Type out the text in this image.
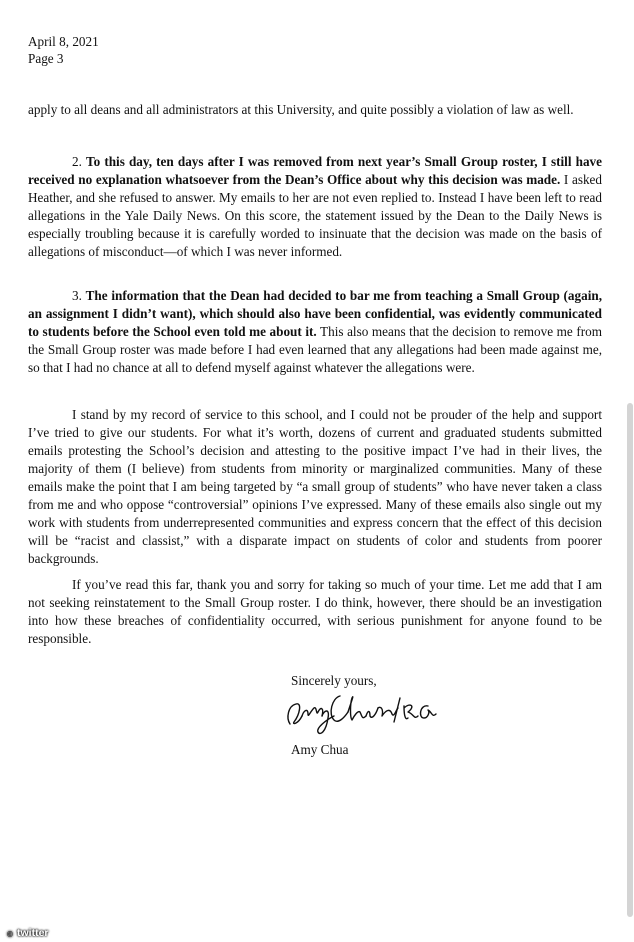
April 8, 2021
Page 3

apply to all deans and all administrators at this University, and quite possibly a violation of law as well.

2. To this day, ten days after I was removed from next year’s Small Group roster, I still have received no explanation whatsoever from the Dean’s Office about why this decision was made. I asked Heather, and she refused to answer. My emails to her are not even replied to. Instead I have been left to read allegations in the Yale Daily News. On this score, the statement issued by the Dean to the Daily News is especially troubling because it is carefully worded to insinuate that the decision was made on the basis of allegations of misconduct—of which I was never informed.

3. The information that the Dean had decided to bar me from teaching a Small Group (again, an assignment I didn’t want), which should also have been confidential, was evidently communicated to students before the School even told me about it. This also means that the decision to remove me from the Small Group roster was made before I had even learned that any allegations had been made against me, so that I had no chance at all to defend myself against whatever the allegations were.

I stand by my record of service to this school, and I could not be prouder of the help and support I’ve tried to give our students. For what it’s worth, dozens of current and graduated students submitted emails protesting the School’s decision and attesting to the positive impact I’ve had in their lives, the majority of them (I believe) from students from minority or marginalized communities. Many of these emails make the point that I am being targeted by “a small group of students” who have never taken a class from me and who oppose “controversial” opinions I’ve expressed. Many of these emails also single out my work with students from underrepresented communities and express concern that the effect of this decision will be “racist and classist,” with a disparate impact on students of color and students from poorer backgrounds.

If you’ve read this far, thank you and sorry for taking so much of your time. Let me add that I am not seeking reinstatement to the Small Group roster. I do think, however, there should be an investigation into how these breaches of confidentiality occurred, with serious punishment for anyone found to be responsible.

Sincerely yours,
Amy Chua
© twitter
